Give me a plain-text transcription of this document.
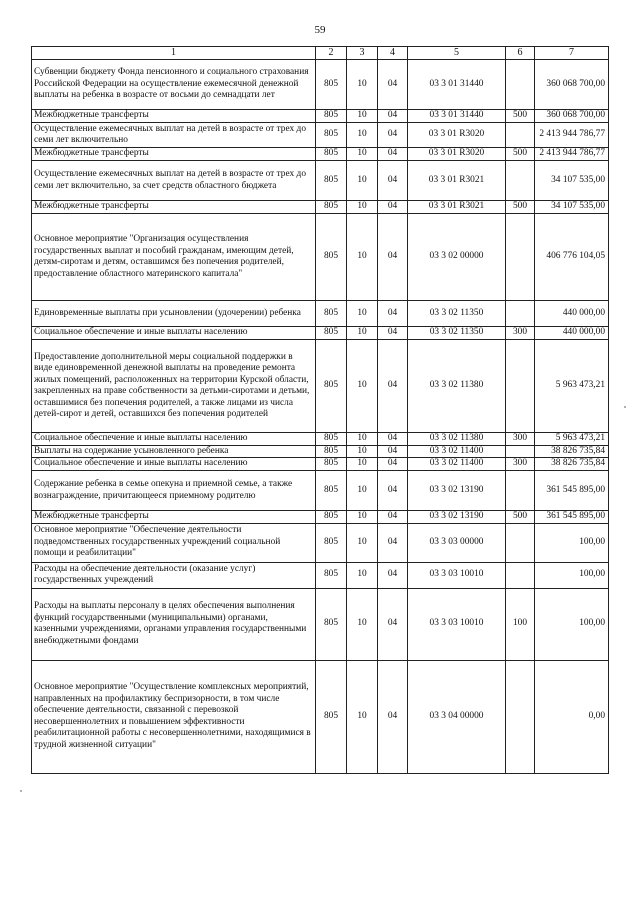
59
1	2	3	4	5	6	7
Субвенции бюджету Фонда пенсионного и социального страхования Российской Федерации на осуществление ежемесячной денежной выплаты на ребенка в возрасте от восьми до семнадцати лет	805	10	04	03 3 01 31440		360 068 700,00
Межбюджетные трансферты	805	10	04	03 3 01 31440	500	360 068 700,00
Осуществление ежемесячных выплат на детей в возрасте от трех до семи лет включительно	805	10	04	03 3 01 R3020		2 413 944 786,77
Межбюджетные трансферты	805	10	04	03 3 01 R3020	500	2 413 944 786,77
Осуществление ежемесячных выплат на детей в возрасте от трех до семи лет включительно, за счет средств областного бюджета	805	10	04	03 3 01 R3021		34 107 535,00
Межбюджетные трансферты	805	10	04	03 3 01 R3021	500	34 107 535,00
Основное мероприятие "Организация осуществления государственных выплат и пособий гражданам, имеющим детей, детям-сиротам и детям, оставшимся без попечения родителей, предоставление областного материнского капитала"	805	10	04	03 3 02 00000		406 776 104,05
Единовременные выплаты при усыновлении (удочерении) ребенка	805	10	04	03 3 02 11350		440 000,00
Социальное обеспечение и иные выплаты населению	805	10	04	03 3 02 11350	300	440 000,00
Предоставление дополнительной меры социальной поддержки в виде единовременной денежной выплаты на проведение ремонта жилых помещений, расположенных на территории Курской области, закрепленных на праве собственности за детьми-сиротами и детьми, оставшимися без попечения родителей, а также лицами из числа детей-сирот и детей, оставшихся без попечения родителей	805	10	04	03 3 02 11380		5 963 473,21
Социальное обеспечение и иные выплаты населению	805	10	04	03 3 02 11380	300	5 963 473,21
Выплаты на содержание усыновленного ребенка	805	10	04	03 3 02 11400		38 826 735,84
Социальное обеспечение и иные выплаты населению	805	10	04	03 3 02 11400	300	38 826 735,84
Содержание ребенка в семье опекуна и приемной семье, а также вознаграждение, причитающееся приемному родителю	805	10	04	03 3 02 13190		361 545 895,00
Межбюджетные трансферты	805	10	04	03 3 02 13190	500	361 545 895,00
Основное мероприятие "Обеспечение деятельности подведомственных государственных учреждений социальной помощи и реабилитации"	805	10	04	03 3 03 00000		100,00
Расходы на обеспечение деятельности (оказание услуг) государственных учреждений	805	10	04	03 3 03 10010		100,00
Расходы на выплаты персоналу в целях обеспечения выполнения функций государственными (муниципальными) органами, казенными учреждениями, органами управления государственными внебюджетными фондами	805	10	04	03 3 03 10010	100	100,00
Основное мероприятие "Осуществление комплексных мероприятий, направленных на профилактику беспризорности, в том числе обеспечение деятельности, связанной с перевозкой несовершеннолетних и повышением эффективности реабилитационной работы с несовершеннолетними, находящимися в трудной жизненной ситуации"	805	10	04	03 3 04 00000		0,00
